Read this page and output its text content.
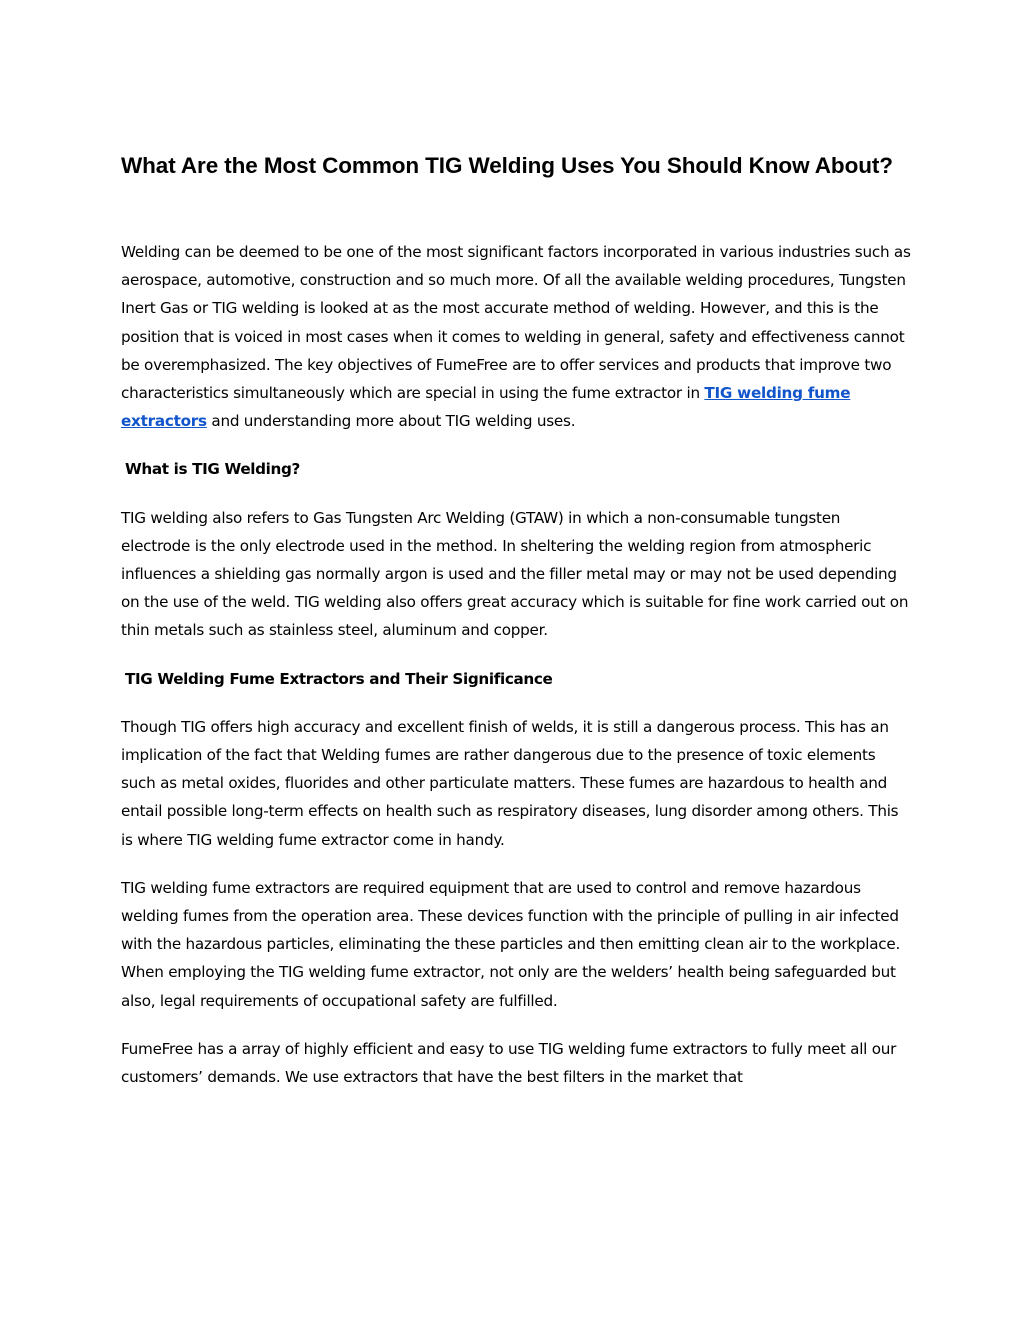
What Are the Most Common TIG Welding Uses You Should Know About?

Welding can be deemed to be one of the most significant factors incorporated in various industries such as aerospace, automotive, construction and so much more. Of all the available welding procedures, Tungsten Inert Gas or TIG welding is looked at as the most accurate method of welding. However, and this is the position that is voiced in most cases when it comes to welding in general, safety and effectiveness cannot be overemphasized. The key objectives of FumeFree are to offer services and products that improve two characteristics simultaneously which are special in using the fume extractor in TIG welding fume extractors and understanding more about TIG welding uses.

What is TIG Welding?

TIG welding also refers to Gas Tungsten Arc Welding (GTAW) in which a non-consumable tungsten electrode is the only electrode used in the method. In sheltering the welding region from atmospheric influences a shielding gas normally argon is used and the filler metal may or may not be used depending on the use of the weld. TIG welding also offers great accuracy which is suitable for fine work carried out on thin metals such as stainless steel, aluminum and copper.

TIG Welding Fume Extractors and Their Significance

Though TIG offers high accuracy and excellent finish of welds, it is still a dangerous process. This has an implication of the fact that Welding fumes are rather dangerous due to the presence of toxic elements such as metal oxides, fluorides and other particulate matters. These fumes are hazardous to health and entail possible long-term effects on health such as respiratory diseases, lung disorder among others. This is where TIG welding fume extractor come in handy.

TIG welding fume extractors are required equipment that are used to control and remove hazardous welding fumes from the operation area. These devices function with the principle of pulling in air infected with the hazardous particles, eliminating the these particles and then emitting clean air to the workplace. When employing the TIG welding fume extractor, not only are the welders’ health being safeguarded but also, legal requirements of occupational safety are fulfilled.

FumeFree has a array of highly efficient and easy to use TIG welding fume extractors to fully meet all our customers’ demands. We use extractors that have the best filters in the market that
